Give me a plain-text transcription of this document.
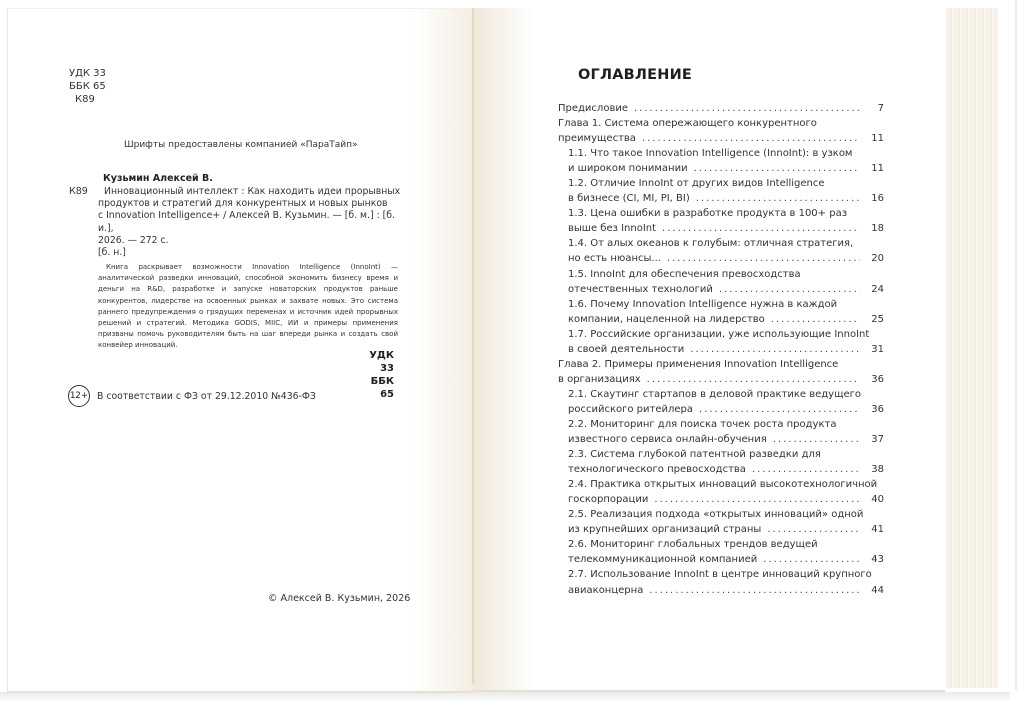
УДК 33
ББК 65
К89
Шрифты предоставлены компанией «ПараТайп»
Кузьмин Алексей В.
К89	Инновационный интеллект : Как находить идеи прорывных
продуктов и стратегий для конкурентных и новых рынков
с Innovation Intelligence+ / Алексей В. Кузьмин. — [б. м.] : [б. и.],
2026. — 272 с.
[б. н.]
Книга раскрывает возможности Innovation Intelligence (InnoInt) — аналитической разведки инноваций, способной экономить бизнесу время и деньги на R&D, разработке и запуске новаторских продуктов раньше конкурентов, лидерстве на освоенных рынках и захвате новых. Это система раннего предупреждения о грядущих переменах и источник идей прорывных решений и стратегий. Методика GODIS, MIIC, ИИ и примеры применения призваны помочь руководителям быть на шаг впереди рынка и создать свой конвейер инноваций.
УДК 33
ББК 65
12+ В соответствии с ФЗ от 29.12.2010 №436-ФЗ
© Алексей В. Кузьмин, 2026
ОГЛАВЛЕНИЕ
Предисловие .....	7
Глава 1. Система опережающего конкурентного
преимущества .....	11
1.1. Что такое Innovation Intelligence (InnoInt): в узком
и широком понимании .....	11
1.2. Отличие InnoInt от других видов Intelligence
в бизнесе (CI, MI, PI, BI) .....	16
1.3. Цена ошибки в разработке продукта в 100+ раз
выше без InnoInt .....	18
1.4. От алых океанов к голубым: отличная стратегия,
но есть нюансы... .....	20
1.5. InnoInt для обеспечения превосходства
отечественных технологий .....	24
1.6. Почему Innovation Intelligence нужна в каждой
компании, нацеленной на лидерство .....	25
1.7. Российские организации, уже использующие InnoInt
в своей деятельности .....	31
Глава 2. Примеры применения Innovation Intelligence
в организациях .....	36
2.1. Скаутинг стартапов в деловой практике ведущего
российского ритейлера .....	36
2.2. Мониторинг для поиска точек роста продукта
известного сервиса онлайн-обучения .....	37
2.3. Система глубокой патентной разведки для
технологического превосходства .....	38
2.4. Практика открытых инноваций высокотехнологичной
госкорпорации .....	40
2.5. Реализация подхода «открытых инноваций» одной
из крупнейших организаций страны .....	41
2.6. Мониторинг глобальных трендов ведущей
телекоммуникационной компанией .....	43
2.7. Использование InnoInt в центре инноваций крупного
авиаконцерна .....	44
